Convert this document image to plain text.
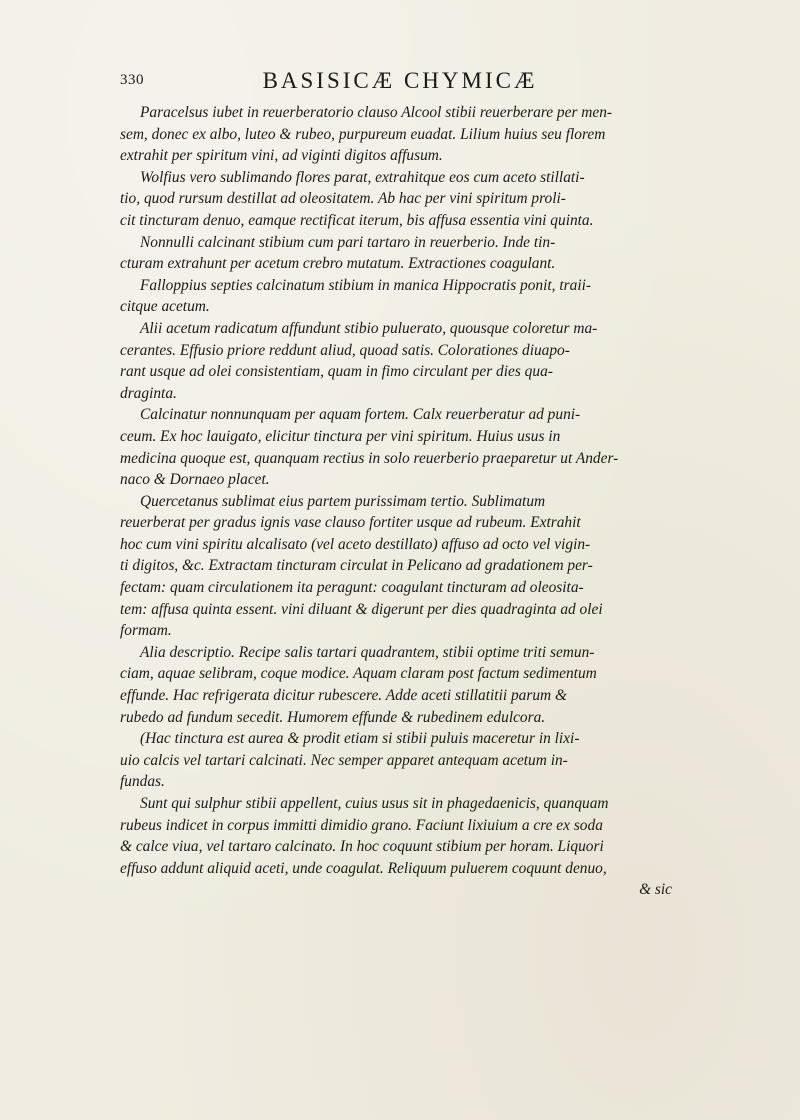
330	BASISICÆ CHYMICÆ
Paracelsus iubet in reuerberatorio clauso Alcool stibii reuerberare per men-
sem, donec ex albo, luteo & rubeo, purpureum euadat. Lilium huius seu florem
extrahit per spiritum vini, ad viginti digitos affusum.
Wolfius vero sublimando flores parat, extrahitque eos cum aceto stillati-
tio, quod rursum destillat ad oleositatem. Ab hac per vini spiritum proli-
cit tincturam denuo, eamque rectificat iterum, bis affusa essentia vini quinta.
Nonnulli calcinant stibium cum pari tartaro in reuerberio. Inde tin-
cturam extrahunt per acetum crebro mutatum. Extractiones coagulant.
Falloppius septies calcinatum stibium in manica Hippocratis ponit, traii-
citque acetum.
Alii acetum radicatum affundunt stibio puluerato, quousque coloretur ma-
cerantes. Effusio priore reddunt aliud, quoad satis. Colorationes diuapo-
rant usque ad olei consistentiam, quam in fimo circulant per dies qua-
draginta.
Calcinatur nonnunquam per aquam fortem. Calx reuerberatur ad puni-
ceum. Ex hoc lauigato, elicitur tinctura per vini spiritum. Huius usus in
medicina quoque est, quanquam rectius in solo reuerberio praeparetur ut Ander-
naco & Dornaeo placet.
Quercetanus sublimat eius partem purissimam tertio. Sublimatum
reuerberat per gradus ignis vase clauso fortiter usque ad rubeum. Extrahit
hoc cum vini spiritu alcalisato (vel aceto destillato) affuso ad octo vel vigin-
ti digitos, &c. Extractam tincturam circulat in Pelicano ad gradationem per-
fectam: quam circulationem ita peragunt: coagulant tincturam ad oleosita-
tem: affusa quinta essent. vini diluant & digerunt per dies quadraginta ad olei
formam.
Alia descriptio. Recipe salis tartari quadrantem, stibii optime triti semun-
ciam, aquae selibram, coque modice. Aquam claram post factum sedimentum
effunde. Hac refrigerata dicitur rubescere. Adde aceti stillatitii parum &
rubedo ad fundum secedit. Humorem effunde & rubedinem edulcora.
(Hac tinctura est aurea & prodit etiam si stibii puluis maceretur in lixi-
uio calcis vel tartari calcinati. Nec semper apparet antequam acetum in-
fundas.
Sunt qui sulphur stibii appellent, cuius usus sit in phagedaenicis, quanquam
rubeus indicet in corpus immitti dimidio grano. Faciunt lixiuium a cre ex soda
& calce viua, vel tartaro calcinato. In hoc coquunt stibium per horam. Liquori
effuso addunt aliquid aceti, unde coagulat. Reliquum puluerem coquunt denuo,
& sic
